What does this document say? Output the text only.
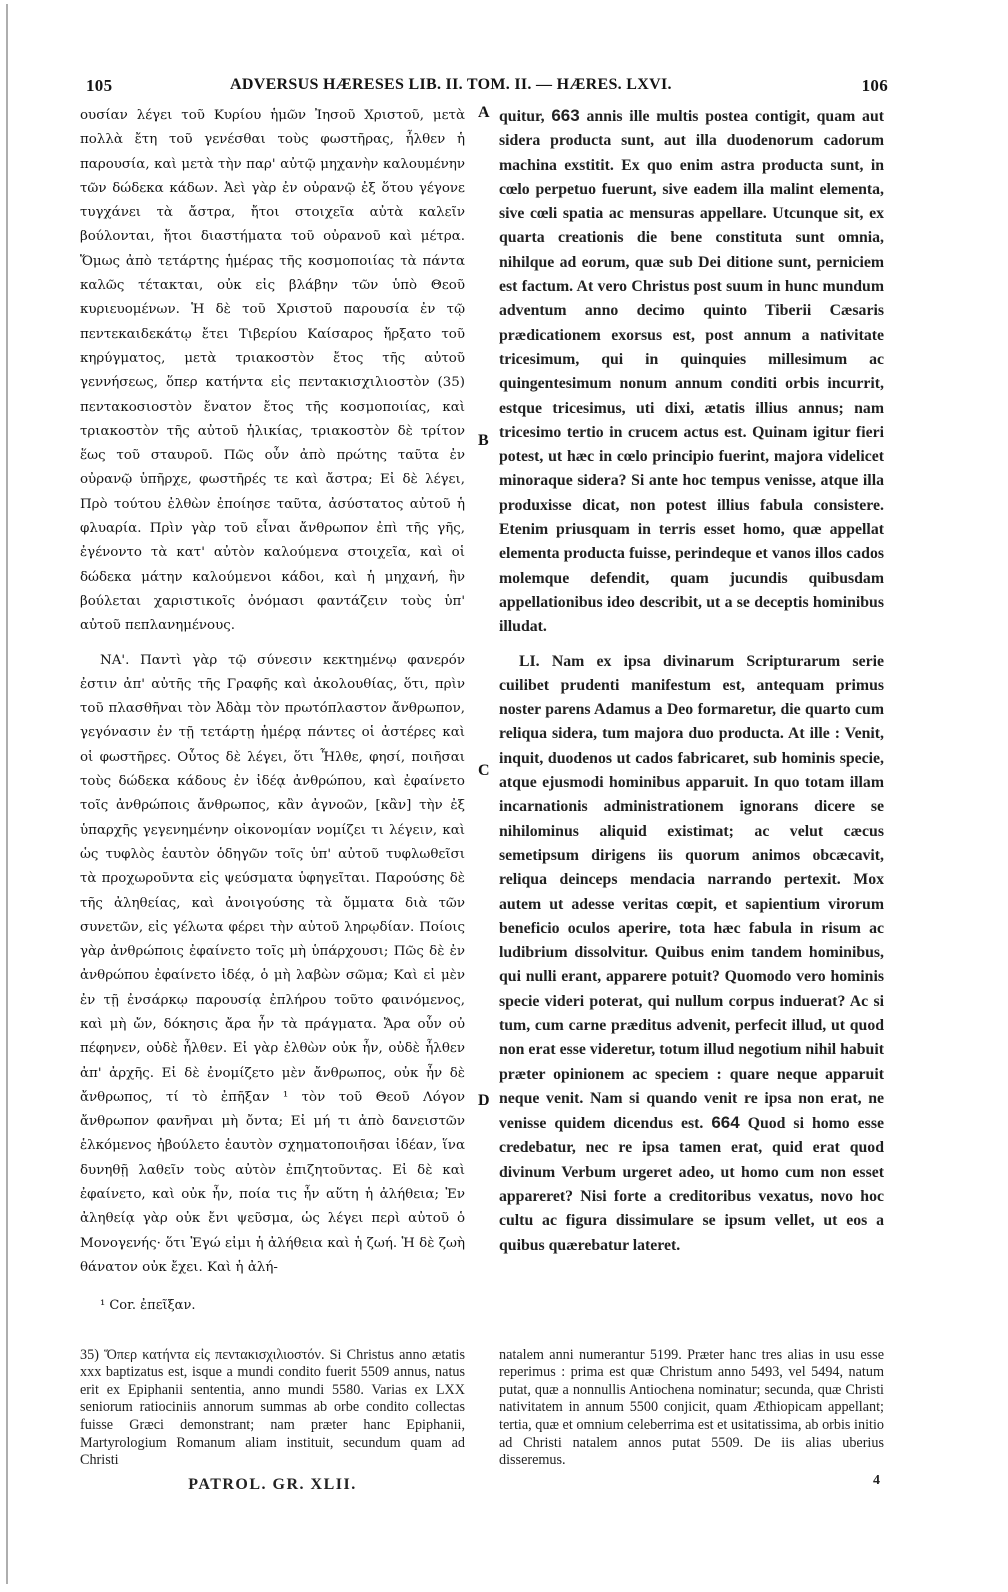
105	ADVERSUS HÆRESES LIB. II. TOM. II. — HÆRES. LXVI.	106

ουσίαν λέγει τοῦ Κυρίου ἡμῶν Ἰησοῦ Χριστοῦ, μετὰ πολλὰ ἔτη τοῦ γενέσθαι τοὺς φωστῆρας, ἦλθεν ἡ παρουσία, καὶ μετὰ τὴν παρ' αὐτῷ μηχανὴν καλουμένην τῶν δώδεκα κάδων. Ἀεὶ γὰρ ἐν οὐρανῷ ἐξ ὅτου γέγονε τυγχάνει τὰ ἄστρα, ἤτοι στοιχεῖα αὐτὰ καλεῖν βούλονται, ἤτοι διαστήματα τοῦ οὐρανοῦ καὶ μέτρα. Ὅμως ἀπὸ τετάρτης ἡμέρας τῆς κοσμοποιίας τὰ πάντα καλῶς τέτακται, οὐκ εἰς βλάβην τῶν ὑπὸ Θεοῦ κυριευομένων. Ἡ δὲ τοῦ Χριστοῦ παρουσία ἐν τῷ πεντεκαιδεκάτῳ ἔτει Τιβερίου Καίσαρος ἤρξατο τοῦ κηρύγματος, μετὰ τριακοστὸν ἔτος τῆς αὐτοῦ γεννήσεως, ὅπερ κατήντα εἰς πεντακισχιλιοστὸν (35) πεντακοσιοστὸν ἔνατον ἔτος τῆς κοσμοποιίας, καὶ τριακοστὸν τῆς αὐτοῦ ἡλικίας, τριακοστὸν δὲ τρίτον ἕως τοῦ σταυροῦ. Πῶς οὖν ἀπὸ πρώτης ταῦτα ἐν οὐρανῷ ὑπῆρχε, φωστῆρές τε καὶ ἄστρα; Εἰ δὲ λέγει, Πρὸ τούτου ἐλθὼν ἐποίησε ταῦτα, ἀσύστατος αὐτοῦ ἡ φλυαρία. Πρὶν γὰρ τοῦ εἶναι ἄνθρωπον ἐπὶ τῆς γῆς, ἐγένοντο τὰ κατ' αὐτὸν καλούμενα στοιχεῖα, καὶ οἱ δώδεκα μάτην καλούμενοι κάδοι, καὶ ἡ μηχανή, ἣν βούλεται χαριστικοῖς ὀνόμασι φαντάζειν τοὺς ὑπ' αὐτοῦ πεπλανημένους.

ΝΑ'. Παντὶ γὰρ τῷ σύνεσιν κεκτημένῳ φανερόν ἐστιν ἀπ' αὐτῆς τῆς Γραφῆς καὶ ἀκολουθίας, ὅτι, πρὶν τοῦ πλασθῆναι τὸν Ἀδὰμ τὸν πρωτόπλαστον ἄνθρωπον, γεγόνασιν ἐν τῇ τετάρτῃ ἡμέρᾳ πάντες οἱ ἀστέρες καὶ οἱ φωστῆρες. Οὗτος δὲ λέγει, ὅτι Ἦλθε, φησί, ποιῆσαι τοὺς δώδεκα κάδους ἐν ἰδέᾳ ἀνθρώπου, καὶ ἐφαίνετο τοῖς ἀνθρώποις ἄνθρωπος, κἂν ἀγνοῶν, [κἂν] τὴν ἐξ ὑπαρχῆς γεγενημένην οἰκονομίαν νομίζει τι λέγειν, καὶ ὡς τυφλὸς ἑαυτὸν ὁδηγῶν τοῖς ὑπ' αὐτοῦ τυφλωθεῖσι τὰ προχωροῦντα εἰς ψεύσματα ὑφηγεῖται. Παρούσης δὲ τῆς ἀληθείας, καὶ ἀνοιγούσης τὰ ὄμματα διὰ τῶν συνετῶν, εἰς γέλωτα φέρει τὴν αὐτοῦ ληρῳδίαν. Ποίοις γὰρ ἀνθρώποις ἐφαίνετο τοῖς μὴ ὑπάρχουσι; Πῶς δὲ ἐν ἀνθρώπου ἐφαίνετο ἰδέᾳ, ὁ μὴ λαβὼν σῶμα; Καὶ εἰ μὲν ἐν τῇ ἐνσάρκῳ παρουσίᾳ ἐπλήρου τοῦτο φαινόμενος, καὶ μὴ ὤν, δόκησις ἄρα ἦν τὰ πράγματα. Ἄρα οὖν οὐ πέφηνεν, οὐδὲ ἦλθεν. Εἰ γὰρ ἐλθὼν οὐκ ἦν, οὐδὲ ἦλθεν ἀπ' ἀρχῆς. Εἰ δὲ ἐνομίζετο μὲν ἄνθρωπος, οὐκ ἦν δὲ ἄνθρωπος, τί τὸ ἐπῆξαν ¹ τὸν τοῦ Θεοῦ Λόγον ἄνθρωπον φανῆναι μὴ ὄντα; Εἰ μή τι ἀπὸ δανειστῶν ἑλκόμενος ἠβούλετο ἑαυτὸν σχηματοποιῆσαι ἰδέαν, ἵνα δυνηθῇ λαθεῖν τοὺς αὐτὸν ἐπιζητοῦντας. Εἰ δὲ καὶ ἐφαίνετο, καὶ οὐκ ἦν, ποία τις ἦν αὕτη ἡ ἀλήθεια; Ἐν ἀληθείᾳ γὰρ οὐκ ἔνι ψεῦσμα, ὡς λέγει περὶ αὐτοῦ ὁ Μονογενής· ὅτι Ἐγώ εἰμι ἡ ἀλήθεια καὶ ἡ ζωή. Ἡ δὲ ζωὴ θάνατον οὐκ ἔχει. Καὶ ἡ ἀλή-

¹ Cor. ἐπεῖξαν.

quitur, 663 annis ille multis postea contigit, quam aut sidera producta sunt, aut illa duodenorum cadorum machina exstitit. Ex quo enim astra producta sunt, in cœlo perpetuo fuerunt, sive eadem illa malint elementa, sive cœli spatia ac mensuras appellare. Utcunque sit, ex quarta creationis die bene constituta sunt omnia, nihilque ad eorum, quæ sub Dei ditione sunt, perniciem est factum. At vero Christus post suum in hunc mundum adventum anno decimo quinto Tiberii Cæsaris prædicationem exorsus est, post annum a nativitate tricesimum, qui in quinquies millesimum ac quingentesimum nonum annum conditi orbis incurrit, estque tricesimus, uti dixi, ætatis illius annus; nam tricesimo tertio in crucem actus est. Quinam igitur fieri potest, ut hæc in cœlo principio fuerint, majora videlicet minoraque sidera? Si ante hoc tempus venisse, atque illa produxisse dicat, non potest illius fabula consistere. Etenim priusquam in terris esset homo, quæ appellat elementa producta fuisse, perindeque et vanos illos cados molemque defendit, quam jucundis quibusdam appellationibus ideo describit, ut a se deceptis hominibus illudat.

LI. Nam ex ipsa divinarum Scripturarum serie cuilibet prudenti manifestum est, antequam primus noster parens Adamus a Deo formaretur, die quarto cum reliqua sidera, tum majora duo producta. At ille : Venit, inquit, duodenos ut cados fabricaret, sub hominis specie, atque ejusmodi hominibus apparuit. In quo totam illam incarnationis administrationem ignorans dicere se nihilominus aliquid existimat; ac velut cæcus semetipsum dirigens iis quorum animos obcæcavit, reliqua deinceps mendacia narrando pertexit. Mox autem ut adesse veritas cœpit, et sapientium virorum beneficio oculos aperire, tota hæc fabula in risum ac ludibrium dissolvitur. Quibus enim tandem hominibus, qui nulli erant, apparere potuit? Quomodo vero hominis specie videri poterat, qui nullum corpus induerat? Ac si tum, cum carne præditus advenit, perfecit illud, ut quod non erat esse videretur, totum illud negotium nihil habuit præter opinionem ac speciem : quare neque apparuit neque venit. Nam si quando venit re ipsa non erat, ne venisse quidem dicendus est. 664 Quod si homo esse credebatur, nec re ipsa tamen erat, quid erat quod divinum Verbum urgeret adeo, ut homo cum non esset appareret? Nisi forte a creditoribus vexatus, novo hoc cultu ac figura dissimulare se ipsum vellet, ut eos a quibus quærebatur lateret.

A
B
C
D
35) Ὅπερ κατήντα εἰς πεντακισχιλιοστόν. Si Christus anno ætatis xxx baptizatus est, isque a mundi condito fuerit 5509 annus, natus erit ex Epiphanii sententia, anno mundi 5580. Varias ex LXX seniorum ratiociniis annorum summas ab orbe condito collectas fuisse Græci demonstrant; nam præter hanc Epiphanii, Martyrologium Romanum aliam instituit, secundum quam ad Christi
PATROL. GR. XLII.
natalem anni numerantur 5199. Præter hanc tres alias in usu esse reperimus : prima est quæ Christum anno 5493, vel 5494, natum putat, quæ a nonnullis Antiochena nominatur; secunda, quæ Christi nativitatem in annum 5500 conjicit, quam Æthiopicam appellant; tertia, quæ et omnium celeberrima est et usitatissima, ab orbis initio ad Christi natalem annos putat 5509. De iis alias uberius disseremus.
4
